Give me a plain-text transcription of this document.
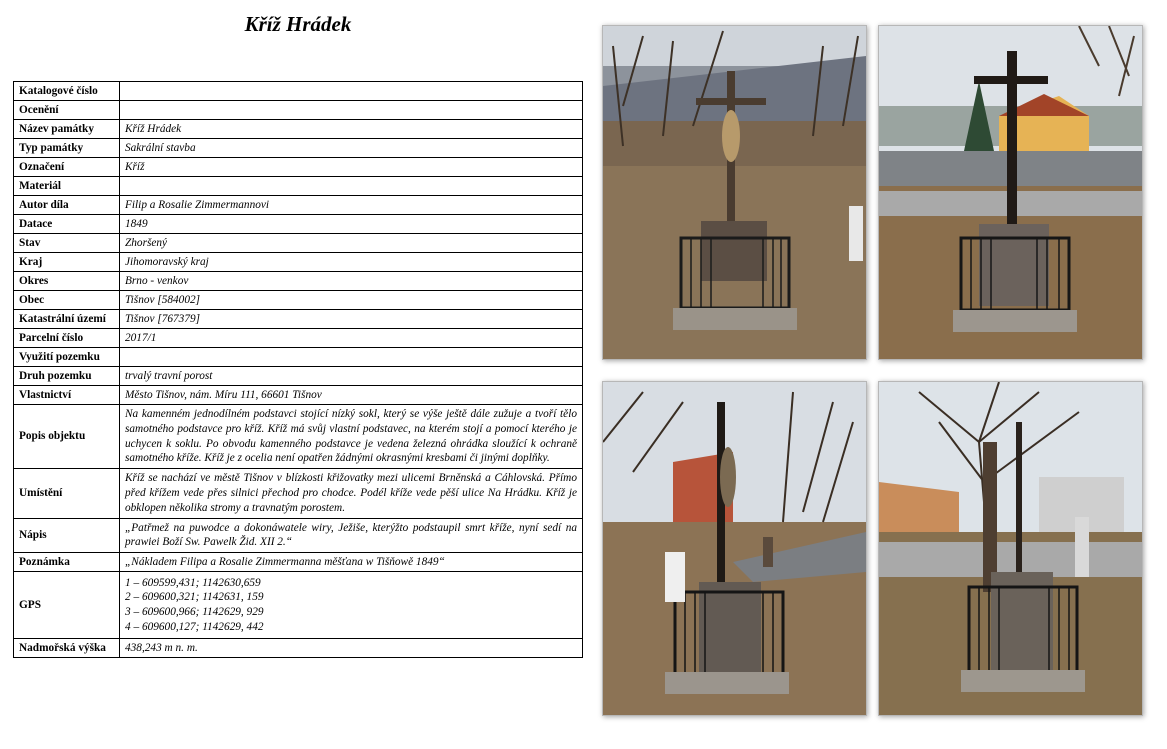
Kříž Hrádek
Katalogové číslo	
Ocenění	
Název památky	Kříž Hrádek
Typ památky	Sakrální stavba
Označení	Kříž
Materiál	
Autor díla	Filip a Rosalie Zimmermannovi
Datace	1849
Stav	Zhoršený
Kraj	Jihomoravský kraj
Okres	Brno - venkov
Obec	Tišnov [584002]
Katastrální území	Tišnov [767379]
Parcelní číslo	2017/1
Využití pozemku	
Druh pozemku	trvalý travní porost
Vlastnictví	Město Tišnov, nám. Míru 111, 66601 Tišnov
Popis objektu	Na kamenném jednodílném podstavci stojící nízký sokl, který se výše ještě dále zužuje a tvoří tělo samotného podstavce pro kříž. Kříž má svůj vlastní podstavec, na kterém stojí a pomocí kterého je uchycen k soklu. Po obvodu kamenného podstavce je vedena železná ohrádka sloužící k ochraně samotného kříže. Kříž je z ocelia není opatřen žádnými okrasnými kresbami či jinými doplňky.
Umístění	Kříž se nachází ve městě Tišnov v blízkosti křižovatky mezi ulicemi Brněnská a Cáhlovská. Přímo před křížem vede přes silnici přechod pro chodce. Podél kříže vede pěší ulice Na Hrádku. Kříž je obklopen několika stromy a travnatým porostem.
Nápis	„Patřmež na puwodce a dokonáwatele wiry, Ježiše, kterýžto podstaupil smrt kříže, nyní sedí na prawiei Boží Sw. Pawelk Žid. XII 2.“
Poznámka	„Nákladem Filipa a Rosalie Zimmermanna měšťana w Tišňowě 1849“
GPS	1 – 609599,431; 1142630,659
2 – 609600,321; 1142631, 159
3 – 609600,966; 1142629, 929
4 – 609600,127; 1142629, 442

Nadmořská výška	438,243 m n. m.
